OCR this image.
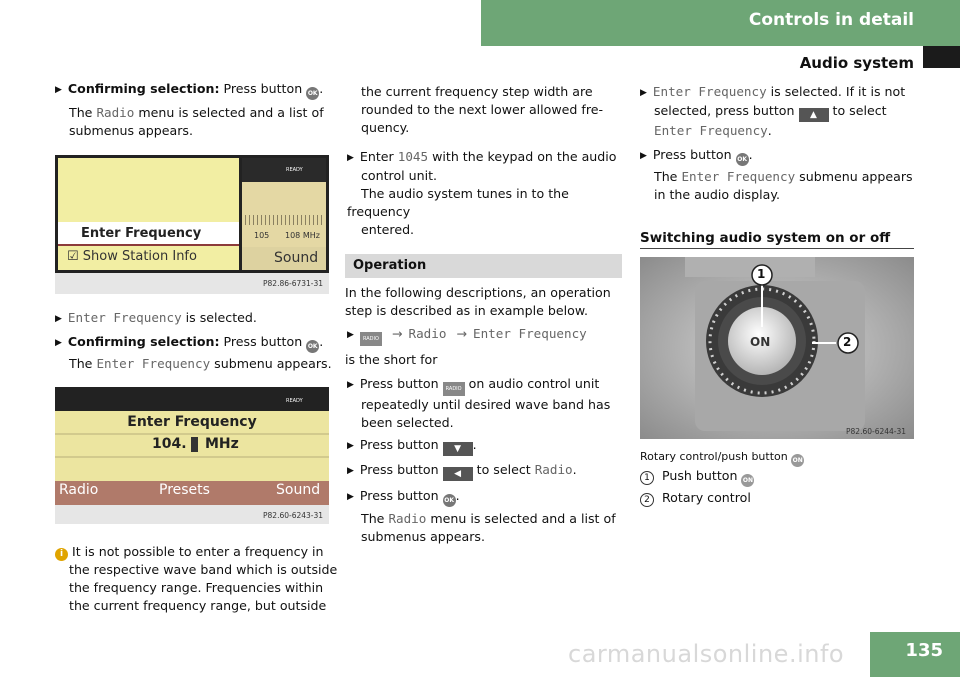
Controls in detail
Audio system
▶ Confirming selection: Press button OK .
The Radio menu is selected and a list of
submenus appears.
Enter Frequency
☑ Show Station Info
READY
105 108 MHz
Sound
P82.86-6731-31
▶ Enter Frequency is selected.
▶ Confirming selection: Press button OK .
The Enter Frequency submenu appears.
Enter Frequency
104. MHz
READY
Radio	Presets	Sound
P82.60-6243-31
i It is not possible to enter a frequency in
the respective wave band which is outside
the frequency range. Frequencies within
the current frequency range, but outside
the current frequency step width are
rounded to the next lower allowed fre-
quency.
▶ Enter 1045 with the keypad on the audio
control unit.
The audio system tunes in to the frequency
entered.
Operation
In the following descriptions, an operation
step is described as in example below.
▶ RADIO → Radio → Enter Frequency
is the short for
▶ Press button RADIO on audio control unit
repeatedly until desired wave band has
been selected.
▶ Press button ▼ .
▶ Press button ◀ to select Radio.
▶ Press button OK .
The Radio menu is selected and a list of
submenus appears.
▶ Enter Frequency is selected. If it is not
selected, press button ▲ to select
Enter Frequency.
▶ Press button OK .
The Enter Frequency submenu appears
in the audio display.
Switching audio system on or off
ON
1
2
P82.60-6244-31
Rotary control/push button ON
1 Push button ON
2 Rotary control
carmanualsonline.info	135
